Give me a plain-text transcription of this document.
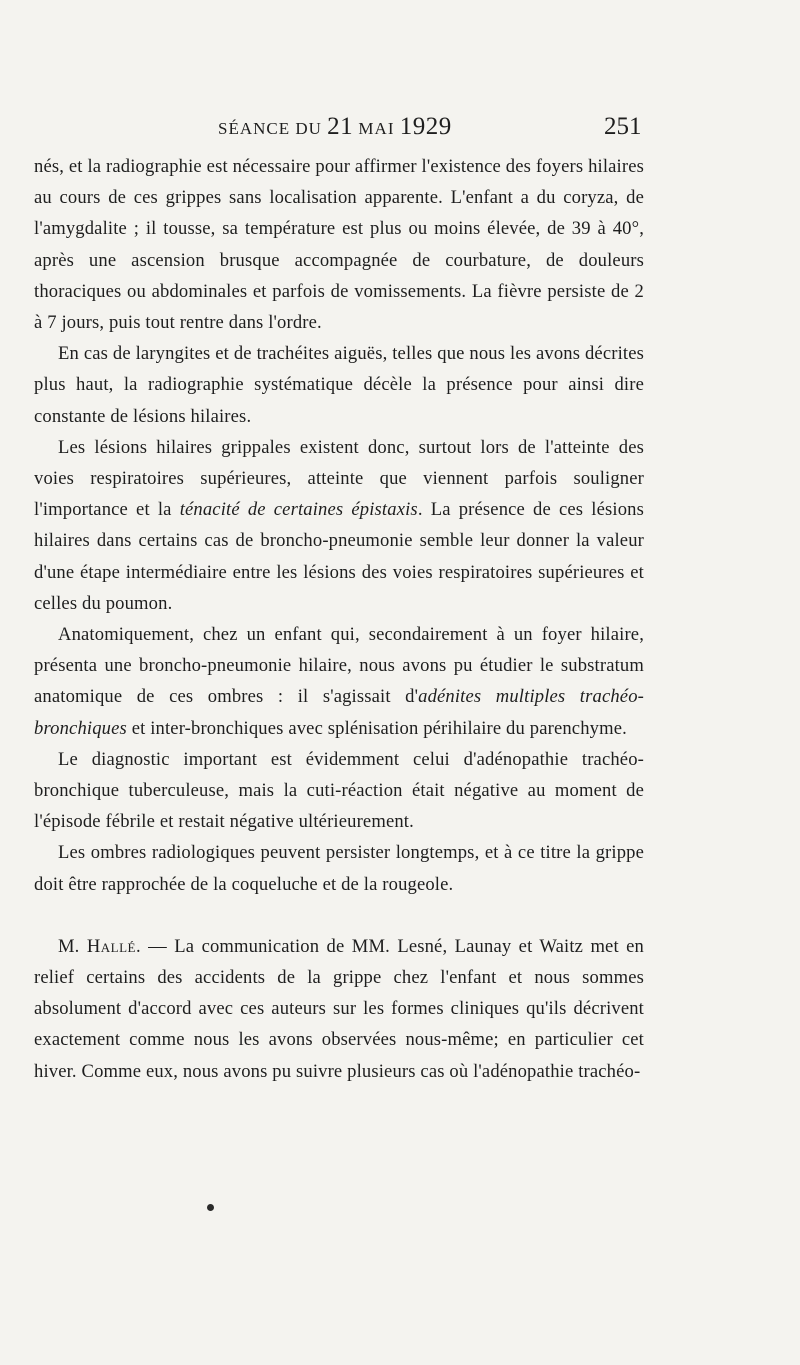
SÉANCE DU 21 MAI 1929	251

nés, et la radiographie est nécessaire pour affirmer l'existence des foyers hilaires au cours de ces grippes sans localisation apparente. L'enfant a du coryza, de l'amygdalite ; il tousse, sa température est plus ou moins élevée, de 39 à 40°, après une ascension brusque accompagnée de courbature, de douleurs thoraciques ou abdominales et parfois de vomissements. La fièvre persiste de 2 à 7 jours, puis tout rentre dans l'ordre.

En cas de laryngites et de trachéites aiguës, telles que nous les avons décrites plus haut, la radiographie systématique décèle la présence pour ainsi dire constante de lésions hilaires.

Les lésions hilaires grippales existent donc, surtout lors de l'atteinte des voies respiratoires supérieures, atteinte que viennent parfois souligner l'importance et la ténacité de certaines épistaxis. La présence de ces lésions hilaires dans certains cas de broncho-pneumonie semble leur donner la valeur d'une étape intermédiaire entre les lésions des voies respiratoires supérieures et celles du poumon.

Anatomiquement, chez un enfant qui, secondairement à un foyer hilaire, présenta une broncho-pneumonie hilaire, nous avons pu étudier le substratum anatomique de ces ombres : il s'agissait d'adénites multiples trachéo-bronchiques et inter-bronchiques avec splénisation périhilaire du parenchyme.

Le diagnostic important est évidemment celui d'adénopathie trachéo-bronchique tuberculeuse, mais la cuti-réaction était négative au moment de l'épisode fébrile et restait négative ultérieurement.

Les ombres radiologiques peuvent persister longtemps, et à ce titre la grippe doit être rapprochée de la coqueluche et de la rougeole.

M. Hallé. — La communication de MM. Lesné, Launay et Waitz met en relief certains des accidents de la grippe chez l'enfant et nous sommes absolument d'accord avec ces auteurs sur les formes cliniques qu'ils décrivent exactement comme nous les avons observées nous-même; en particulier cet hiver. Comme eux, nous avons pu suivre plusieurs cas où l'adénopathie trachéo-
